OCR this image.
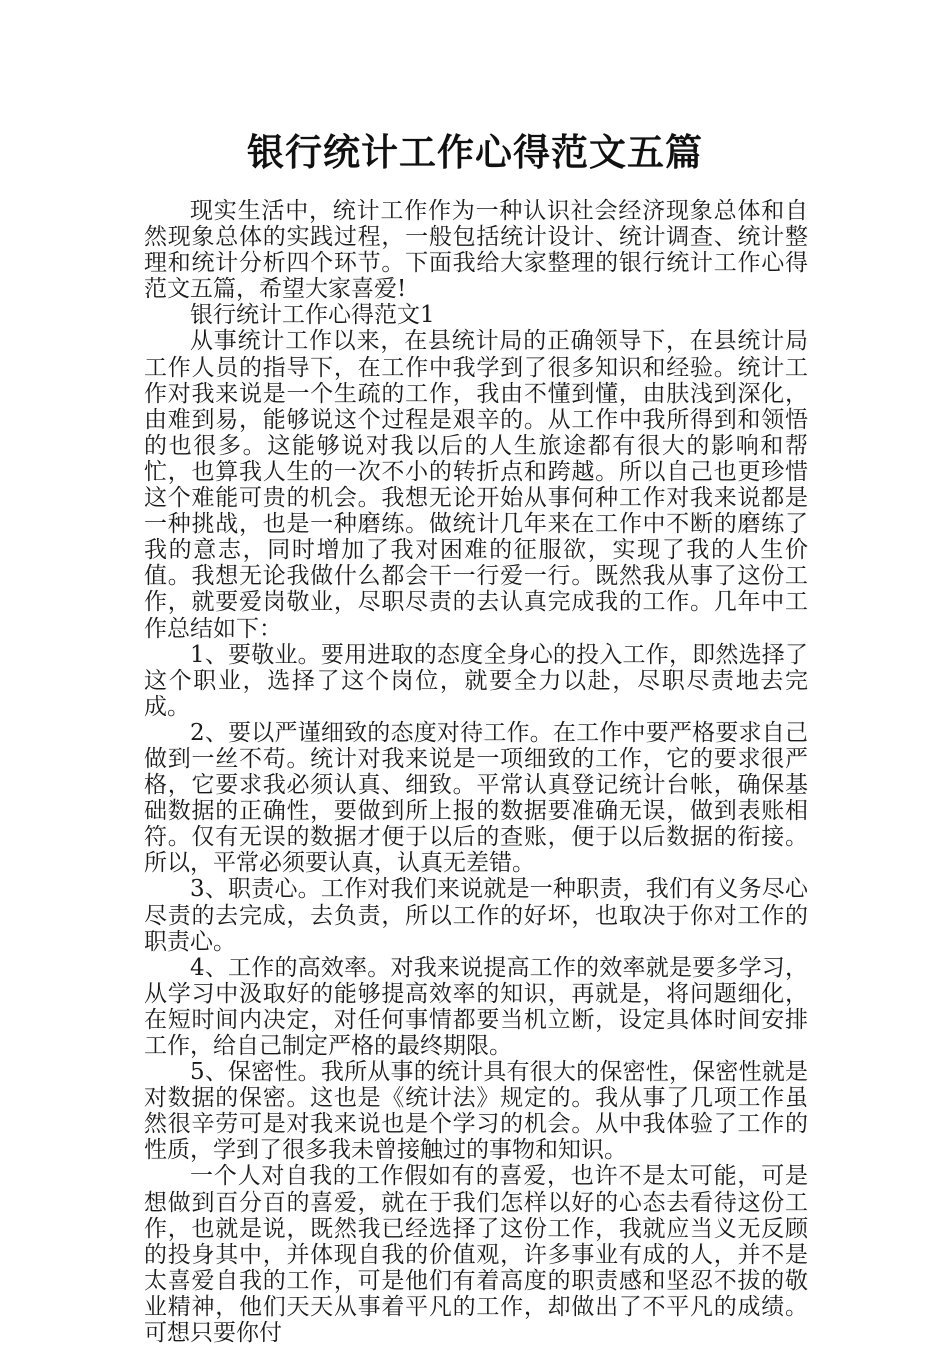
银行统计工作心得范文五篇

现实生活中，统计工作作为一种认识社会经济现象总体和自然现象总体的实践过程，一般包括统计设计、统计调查、统计整理和统计分析四个环节。下面我给大家整理的银行统计工作心得范文五篇，希望大家喜爱!

银行统计工作心得范文1

从事统计工作以来，在县统计局的正确领导下，在县统计局工作人员的指导下，在工作中我学到了很多知识和经验。统计工作对我来说是一个生疏的工作，我由不懂到懂，由肤浅到深化，由难到易，能够说这个过程是艰辛的。从工作中我所得到和领悟的也很多。这能够说对我以后的人生旅途都有很大的影响和帮忙，也算我人生的一次不小的转折点和跨越。所以自己也更珍惜这个难能可贵的机会。我想无论开始从事何种工作对我来说都是一种挑战，也是一种磨练。做统计几年来在工作中不断的磨练了我的意志，同时增加了我对困难的征服欲，实现了我的人生价值。我想无论我做什么都会干一行爱一行。既然我从事了这份工作，就要爱岗敬业，尽职尽责的去认真完成我的工作。几年中工作总结如下：

1、要敬业。要用进取的态度全身心的投入工作，即然选择了这个职业，选择了这个岗位，就要全力以赴，尽职尽责地去完成。

2、要以严谨细致的态度对待工作。在工作中要严格要求自己做到一丝不苟。统计对我来说是一项细致的工作，它的要求很严格，它要求我必须认真、细致。平常认真登记统计台帐，确保基础数据的正确性，要做到所上报的数据要准确无误，做到表账相符。仅有无误的数据才便于以后的查账，便于以后数据的衔接。所以，平常必须要认真，认真无差错。

3、职责心。工作对我们来说就是一种职责，我们有义务尽心尽责的去完成，去负责，所以工作的好坏，也取决于你对工作的职责心。

4、工作的高效率。对我来说提高工作的效率就是要多学习，从学习中汲取好的能够提高效率的知识，再就是，将问题细化，在短时间内决定，对任何事情都要当机立断，设定具体时间安排工作，给自己制定严格的最终期限。

5、保密性。我所从事的统计具有很大的保密性，保密性就是对数据的保密。这也是《统计法》规定的。我从事了几项工作虽然很辛劳可是对我来说也是个学习的机会。从中我体验了工作的性质，学到了很多我未曾接触过的事物和知识。

一个人对自我的工作假如有的喜爱，也许不是太可能，可是想做到百分百的喜爱，就在于我们怎样以好的心态去看待这份工作，也就是说，既然我已经选择了这份工作，我就应当义无反顾的投身其中，并体现自我的价值观，许多事业有成的人，并不是太喜爱自我的工作，可是他们有着高度的职责感和坚忍不拔的敬业精神，他们天天从事着平凡的工作，却做出了不平凡的成绩。可想只要你付
